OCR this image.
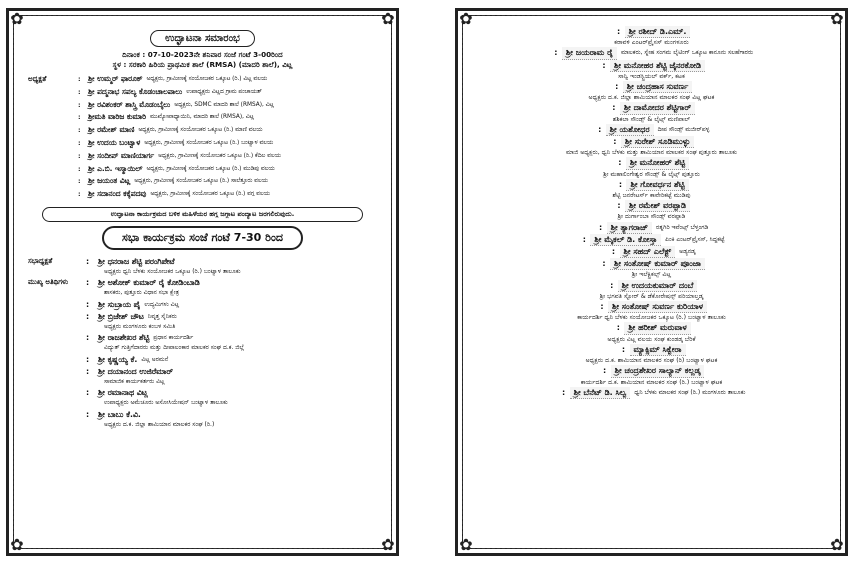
✿	✿
✿	✿
ಉದ್ಘಾಟನಾ ಸಮಾರಂಭ
ದಿನಾಂಕ : 07-10-2023ನೇ ಶನಿವಾರ ಸಂಜೆ ಗಂಟೆ 3-00ರಿಂದ
ಸ್ಥಳ : ಸರಕಾರಿ ಹಿರಿಯ ಪ್ರಾಥಮಿಕ ಶಾಲೆ (RMSA) (ಮಾದರಿ ಶಾಲೆ), ವಿಟ್ಲ
ಅಧ್ಯಕ್ಷತೆ	:	ಶ್ರೀ ಉಮ್ಮರ್ ಫಾರೂಕ್ ಅಧ್ಯಕ್ಷರು, ಗ್ರಾಮೀಣಕ್ಕೆ ಸಂಯೋಜಕರ ಒಕ್ಕೂಟ (ರಿ.) ವಿಟ್ಲ ವಲಯ
:	ಶ್ರೀ ಪದ್ಮನಾಭ ಸಪಲ್ಯ ಕೊಡಂಚಾಲಪಾಲು ಉಪಾಧ್ಯಕ್ಷರು ವಿಟ್ಲದ ಗ್ರಾಮ ಪಂಚಾಯತ್
:	ಶ್ರೀ ರವಿಶಂಕರ್ ಶಾಸ್ತ್ರಿ ಮೊಡಂಬೈಲು ಅಧ್ಯಕ್ಷರು, SDMC ಮಾದರಿ ಶಾಲೆ (RMSA), ವಿಟ್ಲ
:	ಶ್ರೀಮತಿ ವಾರಿಜ ಕುಮಾರಿ ಮುಖ್ಯೋಪಾಧ್ಯಾಯಿನಿ, ಮಾದರಿ ಶಾಲೆ (RMSA), ವಿಟ್ಲ
:	ಶ್ರೀ ರಮೇಶ್ ಮಾಣಿ ಅಧ್ಯಕ್ಷರು, ಗ್ರಾಮೀಣಕ್ಕೆ ಸಂಯೋಜಕರ ಒಕ್ಕೂಟ (ರಿ.) ಮಾಣಿ ವಲಯ
:	ಶ್ರೀ ಉದಯ ಬಂಟ್ವಾಳ ಅಧ್ಯಕ್ಷರು, ಗ್ರಾಮೀಣಕ್ಕೆ ಸಂಯೋಜಕರ ಒಕ್ಕೂಟ (ರಿ.) ಬಂಟ್ವಾಳ ವಲಯ
:	ಶ್ರೀ ಸಂದೀಪ್ ಮಾಣಿಯಾರ್ಗ ಅಧ್ಯಕ್ಷರು, ಗ್ರಾಮೀಣಕ್ಕೆ ಸಂಯೋಜಕರ ಒಕ್ಕೂಟ (ರಿ.) ಕೆದಿಲ ವಲಯ
:	ಶ್ರೀ ಎ.ಬಿ. ಇಸ್ಮಾಯಿಲ್ ಅಧ್ಯಕ್ಷರು, ಗ್ರಾಮೀಣಕ್ಕೆ ಸಂಯೋಜಕರ ಒಕ್ಕೂಟ (ರಿ.) ಮುಡಿಪು ವಲಯ
:	ಶ್ರೀ ಜಯಂತ ವಿಟ್ಲ ಅಧ್ಯಕ್ಷರು, ಗ್ರಾಮೀಣಕ್ಕೆ ಸಂಯೋಜಕರ ಒಕ್ಕೂಟ (ರಿ.) ಸಾಲೆತ್ತೂರು ವಲಯ
:	ಶ್ರೀ ಸದಾನಂದ ಕಕ್ಕೆಪದವು ಅಧ್ಯಕ್ಷರು, ಗ್ರಾಮೀಣಕ್ಕೆ ಸಂಯೋಜಕರ ಒಕ್ಕೂಟ (ರಿ.) ವಗ್ಗ ವಲಯ
ಉದ್ಘಾಟನಾ ಕಾರ್ಯಕ್ರಮದ ಬಳಿಕ ಮಹಿಳೆಯರ ಹಗ್ಗ ಜಗ್ಗಾಟ ಪಂದ್ಯಾಟ ಜರಗಲಿರುವುದು.
ಸಭಾ ಕಾರ್ಯಕ್ರಮ ಸಂಜೆ ಗಂಟೆ 7-30 ರಿಂದ
ಸಭಾಧ್ಯಕ್ಷತೆ	:	ಶ್ರೀ ಧನರಾಜ ಶೆಟ್ಟಿ ಪರಂಗಿಪೇಟೆ
ಅಧ್ಯಕ್ಷರು ಧ್ವನಿ ಬೆಳಕು ಸಂಯೋಜಕರ ಒಕ್ಕೂಟ (ರಿ.) ಬಂಟ್ವಾಳ ತಾಲೂಕು
ಮುಖ್ಯ ಅತಿಥಿಗಳು	:	ಶ್ರೀ ಅಶೋಕ್ ಕುಮಾರ್ ರೈ ಕೋಡಿಂಬಾಡಿ
ಶಾಸಕರು, ಪುತ್ತೂರು ವಿಧಾನ ಸಭಾ ಕ್ಷೇತ್ರ
:	ಶ್ರೀ ಸುಬ್ರಾಯ ಪೈ ಉದ್ಯಮಿಗಳು ವಿಟ್ಲ
:	ಶ್ರೀ ಬ್ರಿಜೇಶ್ ಚೌಟ ನಿವೃತ್ತ ಸೈನಿಕರು
ಅಧ್ಯಕ್ಷರು ಮಂಗಳೂರು ಕಂಬಳ ಸಮಿತಿ
:	ಶ್ರೀ ರಾಜಶೇಖರ ಶೆಟ್ಟಿ ಪ್ರಧಾನ ಕಾರ್ಯದರ್ಶಿ
ವಿದ್ಯುತ್ ಗುತ್ತಿಗೆದಾರರು ಮತ್ತು ದೀಪಾಲಂಕಾರ ಮಾಲಕರ ಸಂಘ ದ.ಕ. ಜಿಲ್ಲೆ
:	ಶ್ರೀ ಕೃಷ್ಣಯ್ಯ ಕೆ. ವಿಟ್ಲ ಅರಮನೆ
:	ಶ್ರೀ ದಯಾನಂದ ಉಜಿರೆಮಾರ್
ಸಾಮಾಜಿಕ ಕಾರ್ಯಕರ್ತರು ವಿಟ್ಲ
:	ಶ್ರೀ ರಮಾನಾಥ ವಿಟ್ಲ
ಉಪಾಧ್ಯಕ್ಷರು ಅಮೆಚೂರು ಅಸೋಸಿಯೇಷನ್ ಬಂಟ್ವಾಳ ತಾಲೂಕು
:	ಶ್ರೀ ಬಾಬು ಕೆ.ವಿ.
ಅಧ್ಯಕ್ಷರು ದ.ಕ. ಜಿಲ್ಲಾ ಶಾಮಿಯಾನ ಮಾಲಕರ ಸಂಘ (ರಿ.)
✿	✿
✿	✿
:	ಶ್ರೀ ರಶೀದ್ ಡಿ.ಎಮ್.
ಕರಾವಳಿ ಎಂಟರ್‌ಪ್ರೈಸಸ್ ಮಂಗಳೂರು
:	ಶ್ರೀ ಜಯರಾಮ ರೈ	ಮಾಲಕರು, ಸ್ನೇಹ ಸಂಗಮ ಲೈಟಿಂಗ್ ಒಕ್ಕೂಟ ಕಾನೂನು ಸಲಹೆಗಾರರು
:	ಶ್ರೀ ಮನೋಹರ ಶೆಟ್ಟಿ ಜೈನರಕೋಡಿ
ಸಾನ್ವಿ ಇಂಡಸ್ಟ್ರಿಯಲ್ ವರ್ಕ್, ಕಟಕ
:	ಶ್ರೀ ಚಂದ್ರಹಾಸ ಸುವರ್ಣ
ಅಧ್ಯಕ್ಷರು ದ.ಕ. ಜಿಲ್ಲಾ ಶಾಮಿಯಾನ ಮಾಲಕರ ಸಂಘ ವಿಟ್ಲ ಘಟಕ
:	ಶ್ರೀ ದಾಮೋದರ ಶೆಟ್ಟಿಗಾರ್
ಶಶಿಕಲಾ ಸೌಂಡ್ಸ್ & ಲೈಟ್ಸ್ ಮಣಿಪಾಲ್
:	ಶ್ರೀ ಯಶೋಧರ	ದೀಪ ಸೌಂಡ್ಸ್ ಮಜೀರ್‌ಪಳ್ಳ
:	ಶ್ರೀ ಸುರೇಶ್ ಸೂಡಿಮುಳ್ಳು
ಮಾಜಿ ಅಧ್ಯಕ್ಷರು, ಧ್ವನಿ ಬೆಳಕು ಮತ್ತು ಶಾಮಿಯಾನ ಮಾಲಕರ ಸಂಘ ಪುತ್ತೂರು ತಾಲೂಕು
:	ಶ್ರೀ ಮನೋಹರ್ ಶೆಟ್ಟಿ
ಶ್ರೀ ಮಹಾಲಿಂಗೇಶ್ವರ ಸೌಂಡ್ಸ್ & ಲೈಟ್ಸ್ ಪುತ್ತೂರು
:	ಶ್ರೀ ಗೋವರ್ಧನ ಶೆಟ್ಟಿ
ಶೆಟ್ಟಿ ಜನರೇಟರ್ಸ್ ಕಾವೇರಿಕಟ್ಟೆ ಮುಡಿಪು
:	ಶ್ರೀ ರಮೇಶ್ ವರಪ್ಪಾಡಿ
ಶ್ರೀ ದುರ್ಗಾಂಬಾ ಸೌಂಡ್ಸ್ ವರಪ್ಪಾಡಿ
:	ಶ್ರೀ ತ್ಯಾಗರಾಜ್	ರತ್ನಗಿರಿ ಇವೆಂಟ್ಸ್ ಬೆಳ್ತಂಗಡಿ
:	ಶ್ರೀ ಮೈಕಲ್ ಡಿ. ಕೋಸ್ತಾ	ಪಿಂಕಿ ಎಂಟರ್‌ಪ್ರೈಸಸ್, ಸಿದ್ದಕಟ್ಟೆ
:	ಶ್ರೀ ಸಹದ್ ಎಲೆಕ್ಟ್	ಅಡ್ಯನಡ್ಕ
:	ಶ್ರೀ ಸಂತೋಷ್ ಕುಮಾರ್ ಪೂಂಜಾ
ಶ್ರೀ ಇಲೆಕ್ಟ್ರಿಕಲ್ಸ್ ವಿಟ್ಲ
:	ಶ್ರೀ ಉದಯಕುಮಾರ್ ದಂಬೆ
ಶ್ರೀ ಭಗವತಿ ಸ್ಟೋರ್ & ಡೆಕೋರೇಷನ್ಸ್ ಪರಿಯಾಲ್ತಡ್ಕ
:	ಶ್ರೀ ಸಂತೋಷ್ ಸುವರ್ಣ ಕುರಿಯಾಳ
ಕಾರ್ಯದರ್ಶಿ ಧ್ವನಿ ಬೆಳಕು ಸಂಯೋಜಕರ ಒಕ್ಕೂಟ (ರಿ.) ಬಂಟ್ವಾಳ ತಾಲೂಕು
:	ಶ್ರೀ ಹರೀಶ್ ಮರುವಾಳ
ಅಧ್ಯಕ್ಷರು ವಿಟ್ಲ ವಲಯ ಸಂಘ ಕುಂಡಡ್ಕ ಬೆರಿಕೆ
:	ಮ್ಯಾಕ್ಸಿಮ್ ಸಿಕ್ವೇರಾ
ಅಧ್ಯಕ್ಷರು ದ.ಕ. ಶಾಮಿಯಾನ ಮಾಲಕರ ಸಂಘ (ರಿ) ಬಂಟ್ವಾಳ ಘಟಕ
:	ಶ್ರೀ ಚಂದ್ರಶೇಖರ ಸಾಲ್ಯಾನ್ ಕಲ್ಲಡ್ಕ
ಕಾರ್ಯದರ್ಶಿ ದ.ಕ. ಶಾಮಿಯಾನ ಮಾಲಕರ ಸಂಘ (ರಿ.) ಬಂಟ್ವಾಳ ಘಟಕ
:	ಶ್ರೀ ಬೆನೆಟ್ ಡಿ. ಸಿಲ್ವ	ಧ್ವನಿ ಬೆಳಕು ಮಾಲಕರ ಸಂಘ (ರಿ.) ಮಂಗಳೂರು ತಾಲೂಕು
